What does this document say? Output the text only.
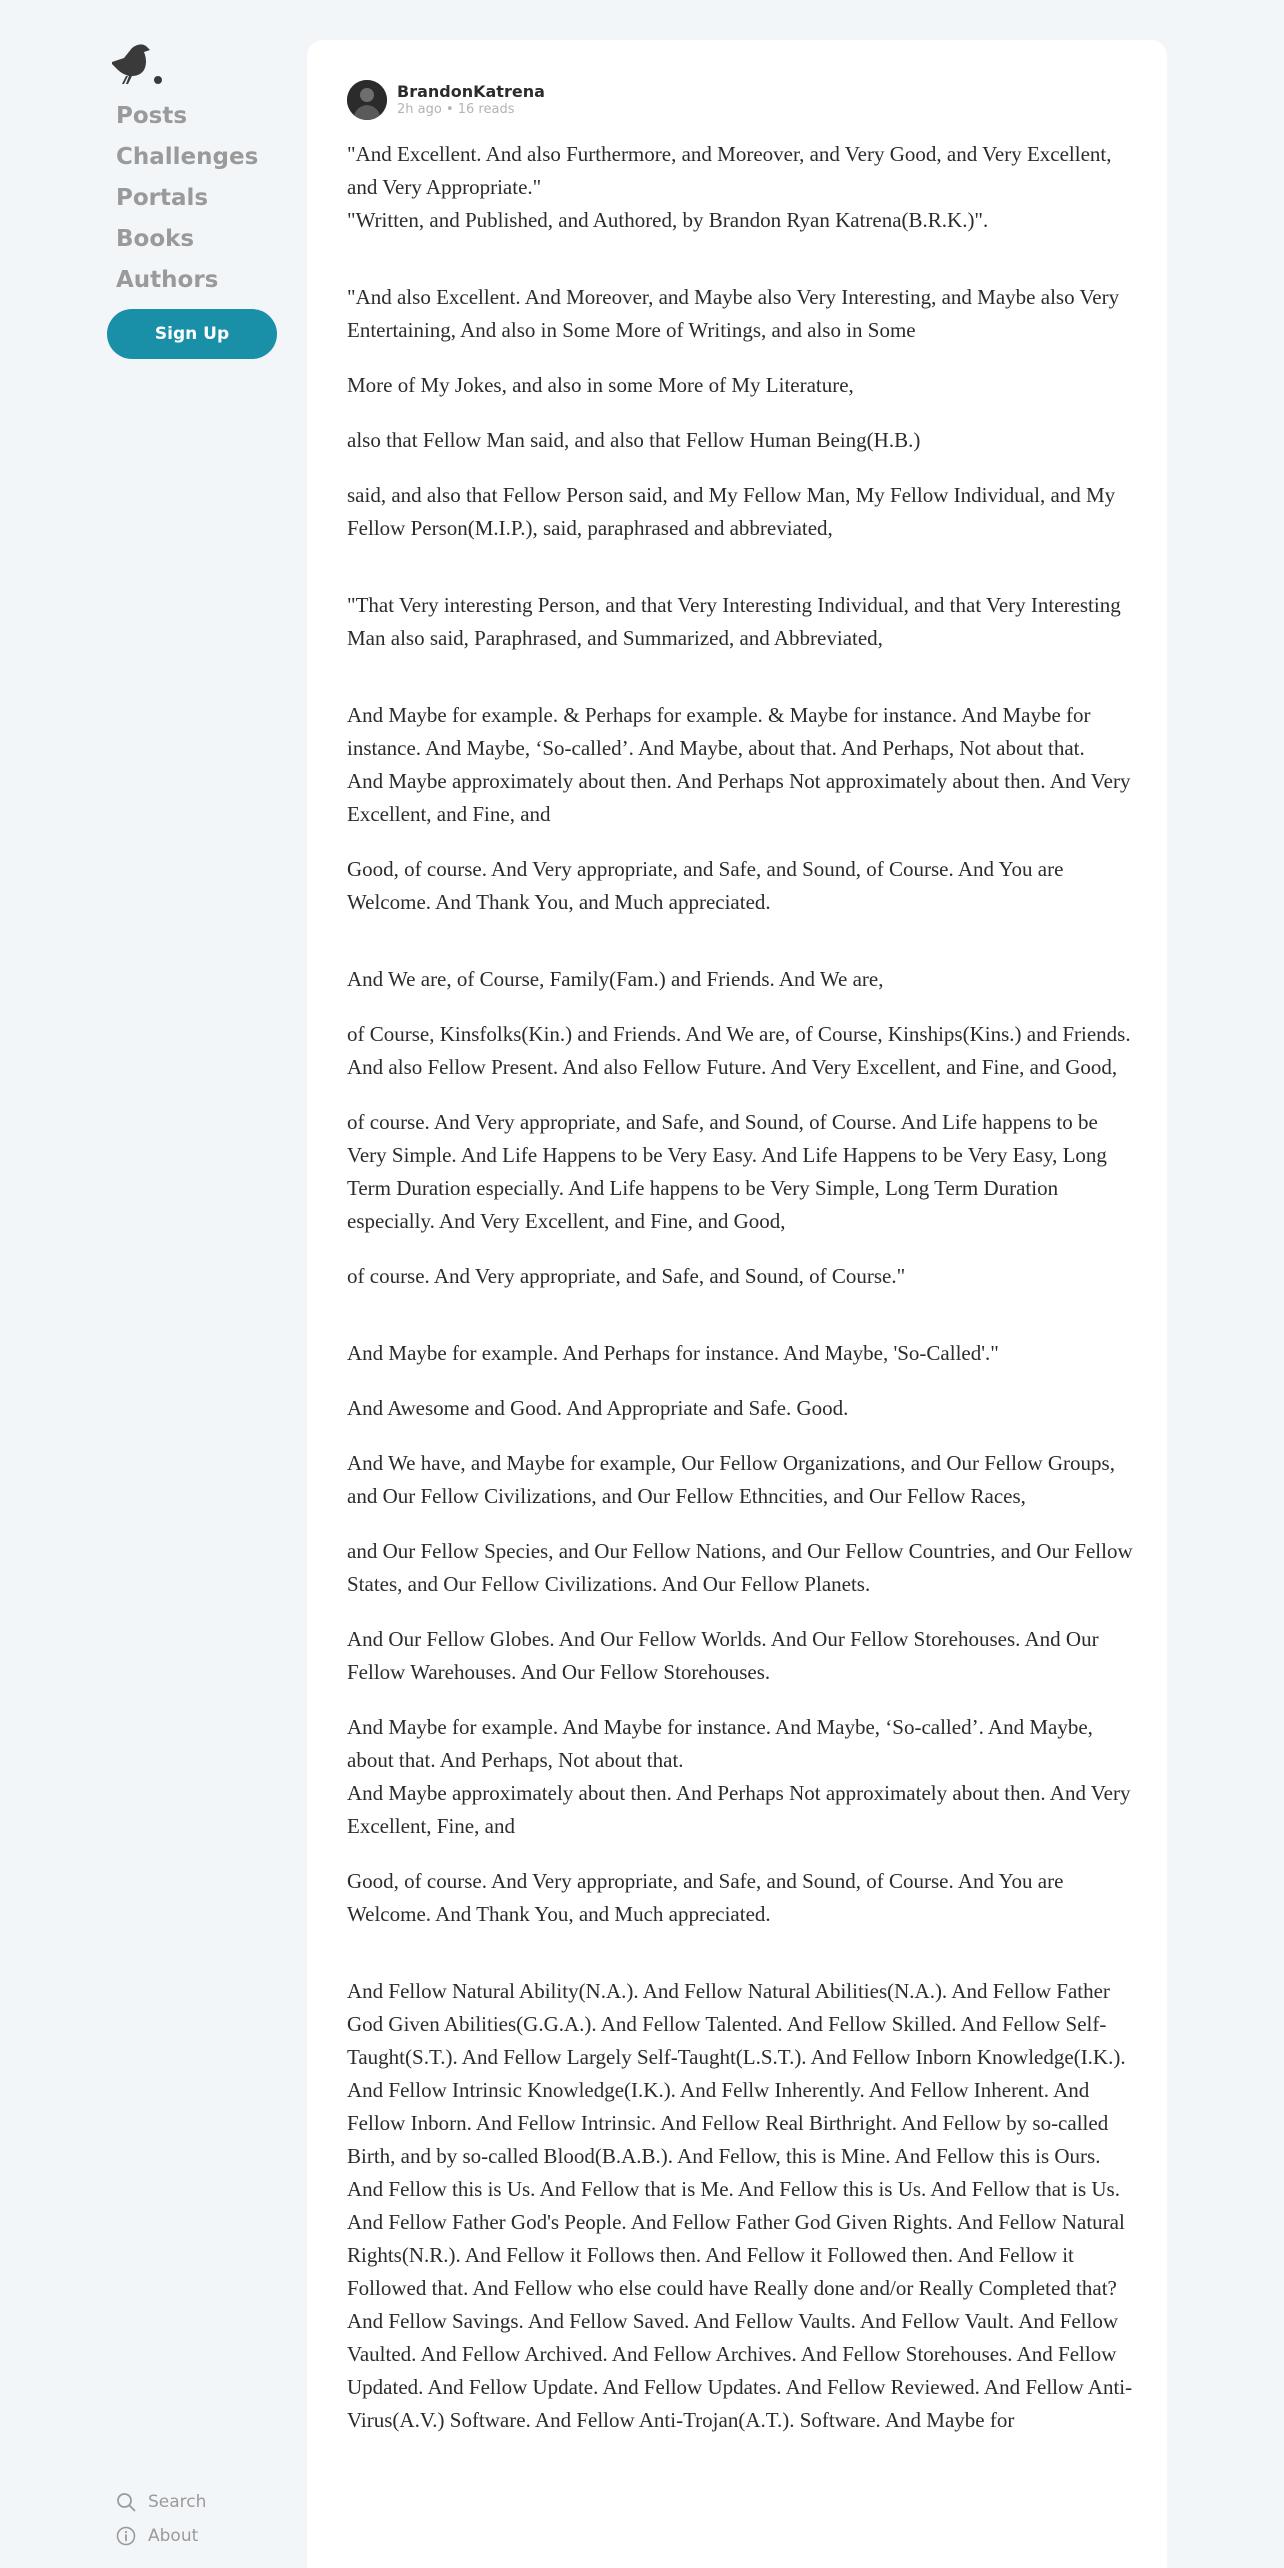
Posts
Challenges
Portals
Books
Authors
Sign Up
Search
About
BrandonKatrena
2h ago • 16 reads

"And Excellent. And also Furthermore, and Moreover, and Very Good, and Very Excellent, and Very Appropriate."
"Written, and Published, and Authored, by Brandon Ryan Katrena(B.R.K.)".

"And also Excellent. And Moreover, and Maybe also Very Interesting, and Maybe also Very Entertaining, And also in Some More of Writings, and also in Some

More of My Jokes, and also in some More of My Literature,

also that Fellow Man said, and also that Fellow Human Being(H.B.)

said, and also that Fellow Person said, and My Fellow Man, My Fellow Individual, and My Fellow Person(M.I.P.), said, paraphrased and abbreviated,

"That Very interesting Person, and that Very Interesting Individual, and that Very Interesting Man also said, Paraphrased, and Summarized, and Abbreviated,

And Maybe for example. & Perhaps for example. & Maybe for instance. And Maybe for instance. And Maybe, ‘So-called’. And Maybe, about that. And Perhaps, Not about that.
And Maybe approximately about then. And Perhaps Not approximately about then. And Very Excellent, and Fine, and

Good, of course. And Very appropriate, and Safe, and Sound, of Course. And You are Welcome. And Thank You, and Much appreciated.

And We are, of Course, Family(Fam.) and Friends. And We are,

of Course, Kinsfolks(Kin.) and Friends. And We are, of Course, Kinships(Kins.) and Friends. And also Fellow Present. And also Fellow Future. And Very Excellent, and Fine, and Good,

of course. And Very appropriate, and Safe, and Sound, of Course. And Life happens to be Very Simple. And Life Happens to be Very Easy. And Life Happens to be Very Easy, Long Term Duration especially. And Life happens to be Very Simple, Long Term Duration especially. And Very Excellent, and Fine, and Good,

of course. And Very appropriate, and Safe, and Sound, of Course."

And Maybe for example. And Perhaps for instance. And Maybe, 'So-Called'."

And Awesome and Good. And Appropriate and Safe. Good.

And We have, and Maybe for example, Our Fellow Organizations, and Our Fellow Groups, and Our Fellow Civilizations, and Our Fellow Ethncities, and Our Fellow Races,

and Our Fellow Species, and Our Fellow Nations, and Our Fellow Countries, and Our Fellow States, and Our Fellow Civilizations. And Our Fellow Planets.

And Our Fellow Globes. And Our Fellow Worlds. And Our Fellow Storehouses. And Our Fellow Warehouses. And Our Fellow Storehouses.

And Maybe for example. And Maybe for instance. And Maybe, ‘So-called’. And Maybe, about that. And Perhaps, Not about that.
And Maybe approximately about then. And Perhaps Not approximately about then. And Very Excellent, Fine, and

Good, of course. And Very appropriate, and Safe, and Sound, of Course. And You are Welcome. And Thank You, and Much appreciated.

And Fellow Natural Ability(N.A.). And Fellow Natural Abilities(N.A.). And Fellow Father God Given Abilities(G.G.A.). And Fellow Talented. And Fellow Skilled. And Fellow Self-Taught(S.T.). And Fellow Largely Self-Taught(L.S.T.). And Fellow Inborn Knowledge(I.K.). And Fellow Intrinsic Knowledge(I.K.). And Fellw Inherently. And Fellow Inherent. And Fellow Inborn. And Fellow Intrinsic. And Fellow Real Birthright. And Fellow by so-called Birth, and by so-called Blood(B.A.B.). And Fellow, this is Mine. And Fellow this is Ours. And Fellow this is Us. And Fellow that is Me. And Fellow this is Us. And Fellow that is Us. And Fellow Father God's People. And Fellow Father God Given Rights. And Fellow Natural Rights(N.R.). And Fellow it Follows then. And Fellow it Followed then. And Fellow it Followed that. And Fellow who else could have Really done and/or Really Completed that? And Fellow Savings. And Fellow Saved. And Fellow Vaults. And Fellow Vault. And Fellow Vaulted. And Fellow Archived. And Fellow Archives. And Fellow Storehouses. And Fellow Updated. And Fellow Update. And Fellow Updates. And Fellow Reviewed. And Fellow Anti-Virus(A.V.) Software. And Fellow Anti-Trojan(A.T.). Software. And Maybe for
